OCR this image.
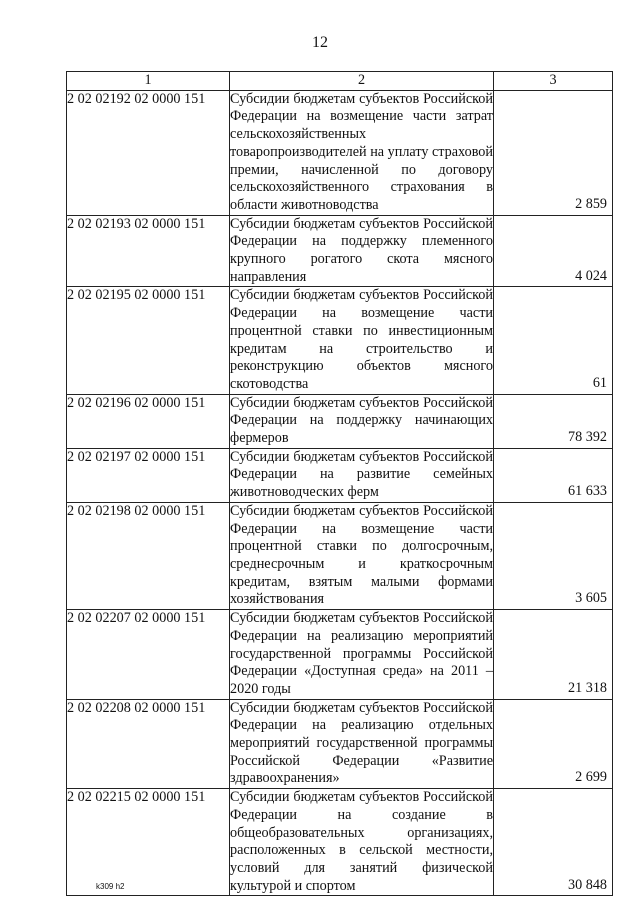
12
1	2	3
2 02 02192 02 0000 151	Субсидии бюджетам субъектов Российской Федерации на возмещение части затрат сельскохозяйственных товаропроизводителей на уплату страховой премии, начисленной по договору сельскохозяйственного страхования в области животноводства	2 859
2 02 02193 02 0000 151	Субсидии бюджетам субъектов Российской Федерации на поддержку племенного крупного рогатого скота мясного направления	4 024
2 02 02195 02 0000 151	Субсидии бюджетам субъектов Российской Федерации на возмещение части процентной ставки по инвестиционным кредитам на строительство и реконструкцию объектов мясного скотоводства	61
2 02 02196 02 0000 151	Субсидии бюджетам субъектов Российской Федерации на поддержку начинающих фермеров	78 392
2 02 02197 02 0000 151	Субсидии бюджетам субъектов Российской Федерации на развитие семейных животноводческих ферм	61 633
2 02 02198 02 0000 151	Субсидии бюджетам субъектов Российской Федерации на возмещение части процентной ставки по долгосрочным, среднесрочным и краткосрочным кредитам, взятым малыми формами хозяйствования	3 605
2 02 02207 02 0000 151	Субсидии бюджетам субъектов Российской Федерации на реализацию мероприятий государственной программы Российской Федерации «Доступная среда» на 2011 – 2020 годы	21 318
2 02 02208 02 0000 151	Субсидии бюджетам субъектов Российской Федерации на реализацию отдельных мероприятий государственной программы Российской Федерации «Развитие здравоохранения»	2 699
2 02 02215 02 0000 151	Субсидии бюджетам субъектов Российской Федерации на создание в общеобразовательных организациях, расположенных в сельской местности, условий для занятий физической культурой и спортом	30 848
k309 h2
